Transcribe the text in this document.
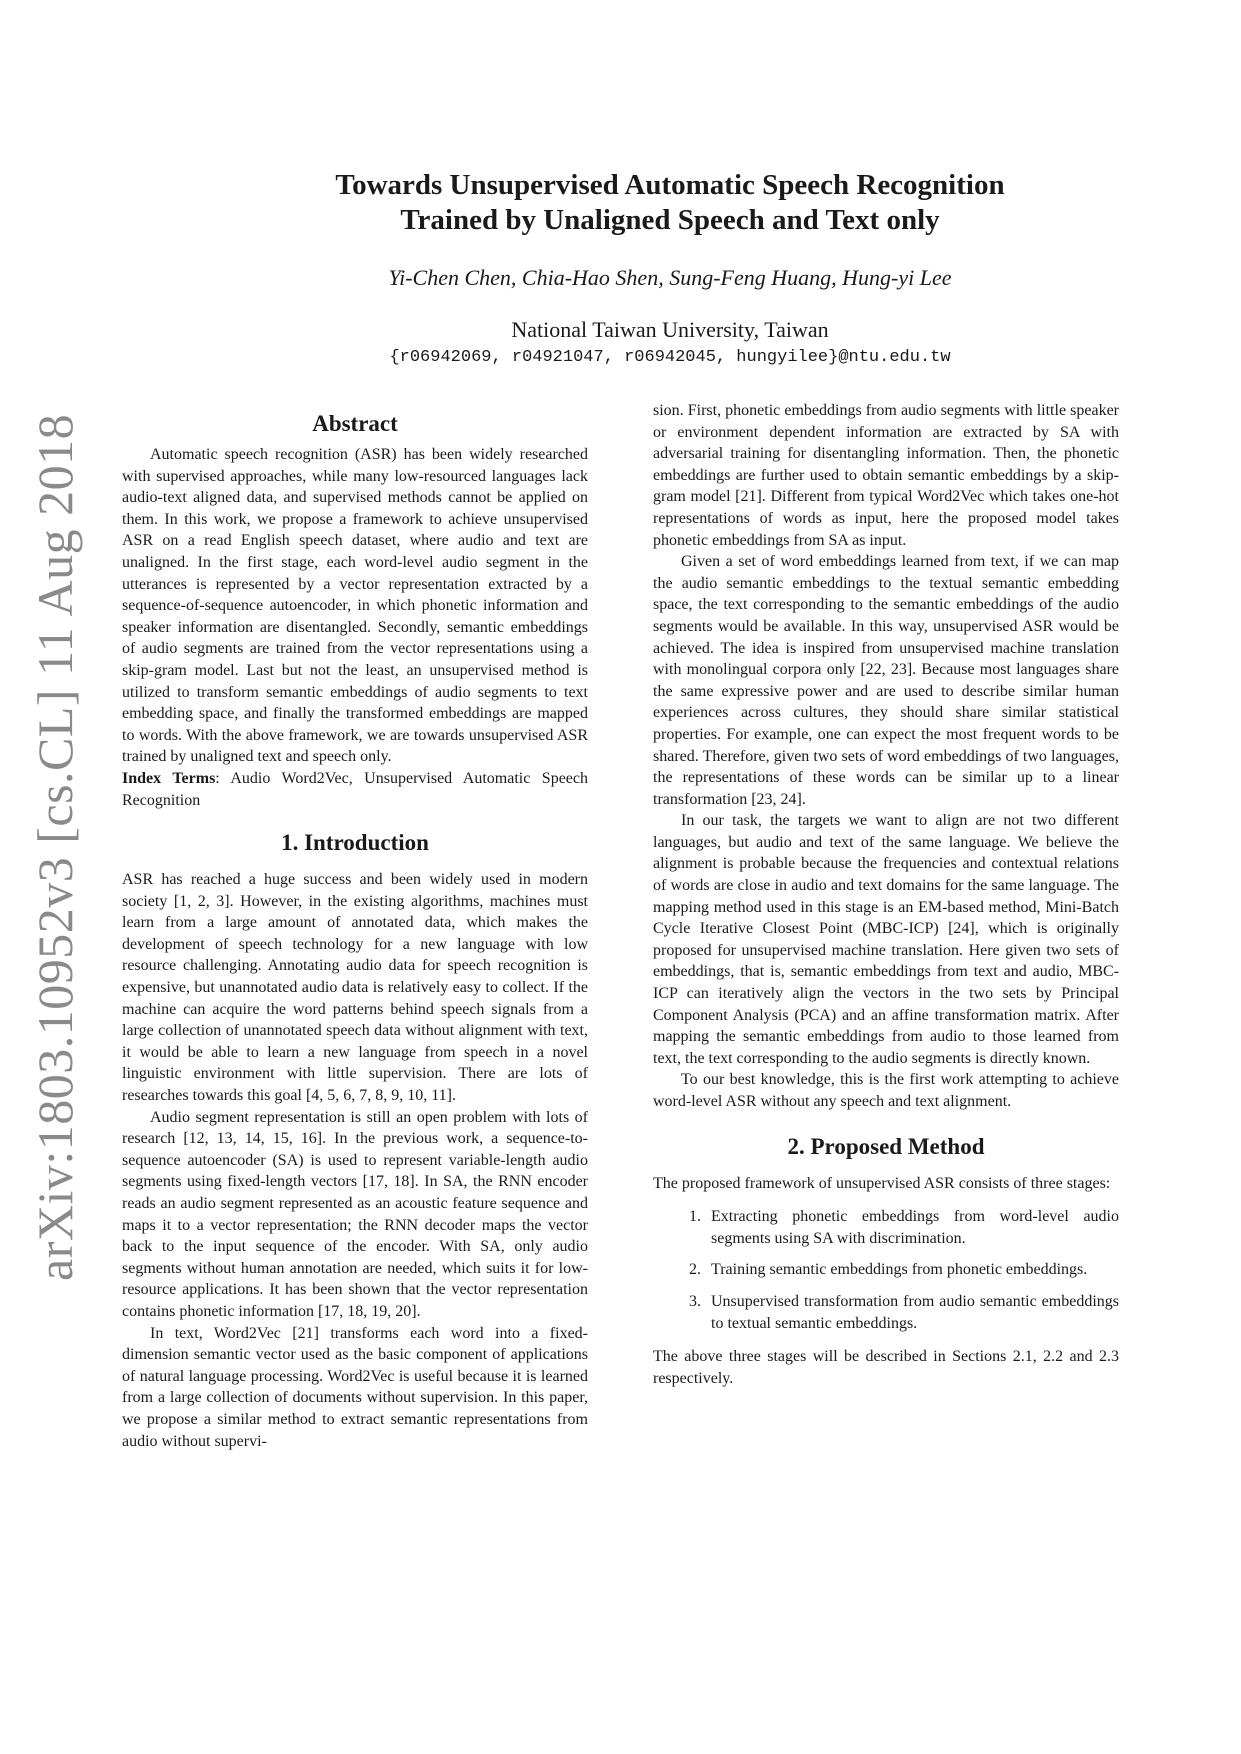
arXiv:1803.10952v3 [cs.CL] 11 Aug 2018
Towards Unsupervised Automatic Speech Recognition
Trained by Unaligned Speech and Text only
Yi-Chen Chen, Chia-Hao Shen, Sung-Feng Huang, Hung-yi Lee
National Taiwan University, Taiwan
{r06942069, r04921047, r06942045, hungyilee}@ntu.edu.tw
Abstract

Automatic speech recognition (ASR) has been widely researched with supervised approaches, while many low-resourced languages lack audio-text aligned data, and supervised methods cannot be applied on them. In this work, we propose a framework to achieve unsupervised ASR on a read English speech dataset, where audio and text are unaligned. In the first stage, each word-level audio segment in the utterances is represented by a vector representation extracted by a sequence-of-sequence autoencoder, in which phonetic information and speaker information are disentangled. Secondly, semantic embeddings of audio segments are trained from the vector representations using a skip-gram model. Last but not the least, an unsupervised method is utilized to transform semantic embeddings of audio segments to text embedding space, and finally the transformed embeddings are mapped to words. With the above framework, we are towards unsupervised ASR trained by unaligned text and speech only.

Index Terms: Audio Word2Vec, Unsupervised Automatic Speech Recognition

1. Introduction

ASR has reached a huge success and been widely used in modern society [1, 2, 3]. However, in the existing algorithms, machines must learn from a large amount of annotated data, which makes the development of speech technology for a new language with low resource challenging. Annotating audio data for speech recognition is expensive, but unannotated audio data is relatively easy to collect. If the machine can acquire the word patterns behind speech signals from a large collection of unannotated speech data without alignment with text, it would be able to learn a new language from speech in a novel linguistic environment with little supervision. There are lots of researches towards this goal [4, 5, 6, 7, 8, 9, 10, 11].

Audio segment representation is still an open problem with lots of research [12, 13, 14, 15, 16]. In the previous work, a sequence-to-sequence autoencoder (SA) is used to represent variable-length audio segments using fixed-length vectors [17, 18]. In SA, the RNN encoder reads an audio segment represented as an acoustic feature sequence and maps it to a vector representation; the RNN decoder maps the vector back to the input sequence of the encoder. With SA, only audio segments without human annotation are needed, which suits it for low-resource applications. It has been shown that the vector representation contains phonetic information [17, 18, 19, 20].

In text, Word2Vec [21] transforms each word into a fixed-dimension semantic vector used as the basic component of applications of natural language processing. Word2Vec is useful because it is learned from a large collection of documents without supervision. In this paper, we propose a similar method to extract semantic representations from audio without supervi-

sion. First, phonetic embeddings from audio segments with little speaker or environment dependent information are extracted by SA with adversarial training for disentangling information. Then, the phonetic embeddings are further used to obtain semantic embeddings by a skip-gram model [21]. Different from typical Word2Vec which takes one-hot representations of words as input, here the proposed model takes phonetic embeddings from SA as input.

Given a set of word embeddings learned from text, if we can map the audio semantic embeddings to the textual semantic embedding space, the text corresponding to the semantic embeddings of the audio segments would be available. In this way, unsupervised ASR would be achieved. The idea is inspired from unsupervised machine translation with monolingual corpora only [22, 23]. Because most languages share the same expressive power and are used to describe similar human experiences across cultures, they should share similar statistical properties. For example, one can expect the most frequent words to be shared. Therefore, given two sets of word embeddings of two languages, the representations of these words can be similar up to a linear transformation [23, 24].

In our task, the targets we want to align are not two different languages, but audio and text of the same language. We believe the alignment is probable because the frequencies and contextual relations of words are close in audio and text domains for the same language. The mapping method used in this stage is an EM-based method, Mini-Batch Cycle Iterative Closest Point (MBC-ICP) [24], which is originally proposed for unsupervised machine translation. Here given two sets of embeddings, that is, semantic embeddings from text and audio, MBC-ICP can iteratively align the vectors in the two sets by Principal Component Analysis (PCA) and an affine transformation matrix. After mapping the semantic embeddings from audio to those learned from text, the text corresponding to the audio segments is directly known.

To our best knowledge, this is the first work attempting to achieve word-level ASR without any speech and text alignment.

2. Proposed Method

The proposed framework of unsupervised ASR consists of three stages:

1. Extracting phonetic embeddings from word-level audio segments using SA with discrimination.
2. Training semantic embeddings from phonetic embeddings.
3. Unsupervised transformation from audio semantic embeddings to textual semantic embeddings.

The above three stages will be described in Sections 2.1, 2.2 and 2.3 respectively.
